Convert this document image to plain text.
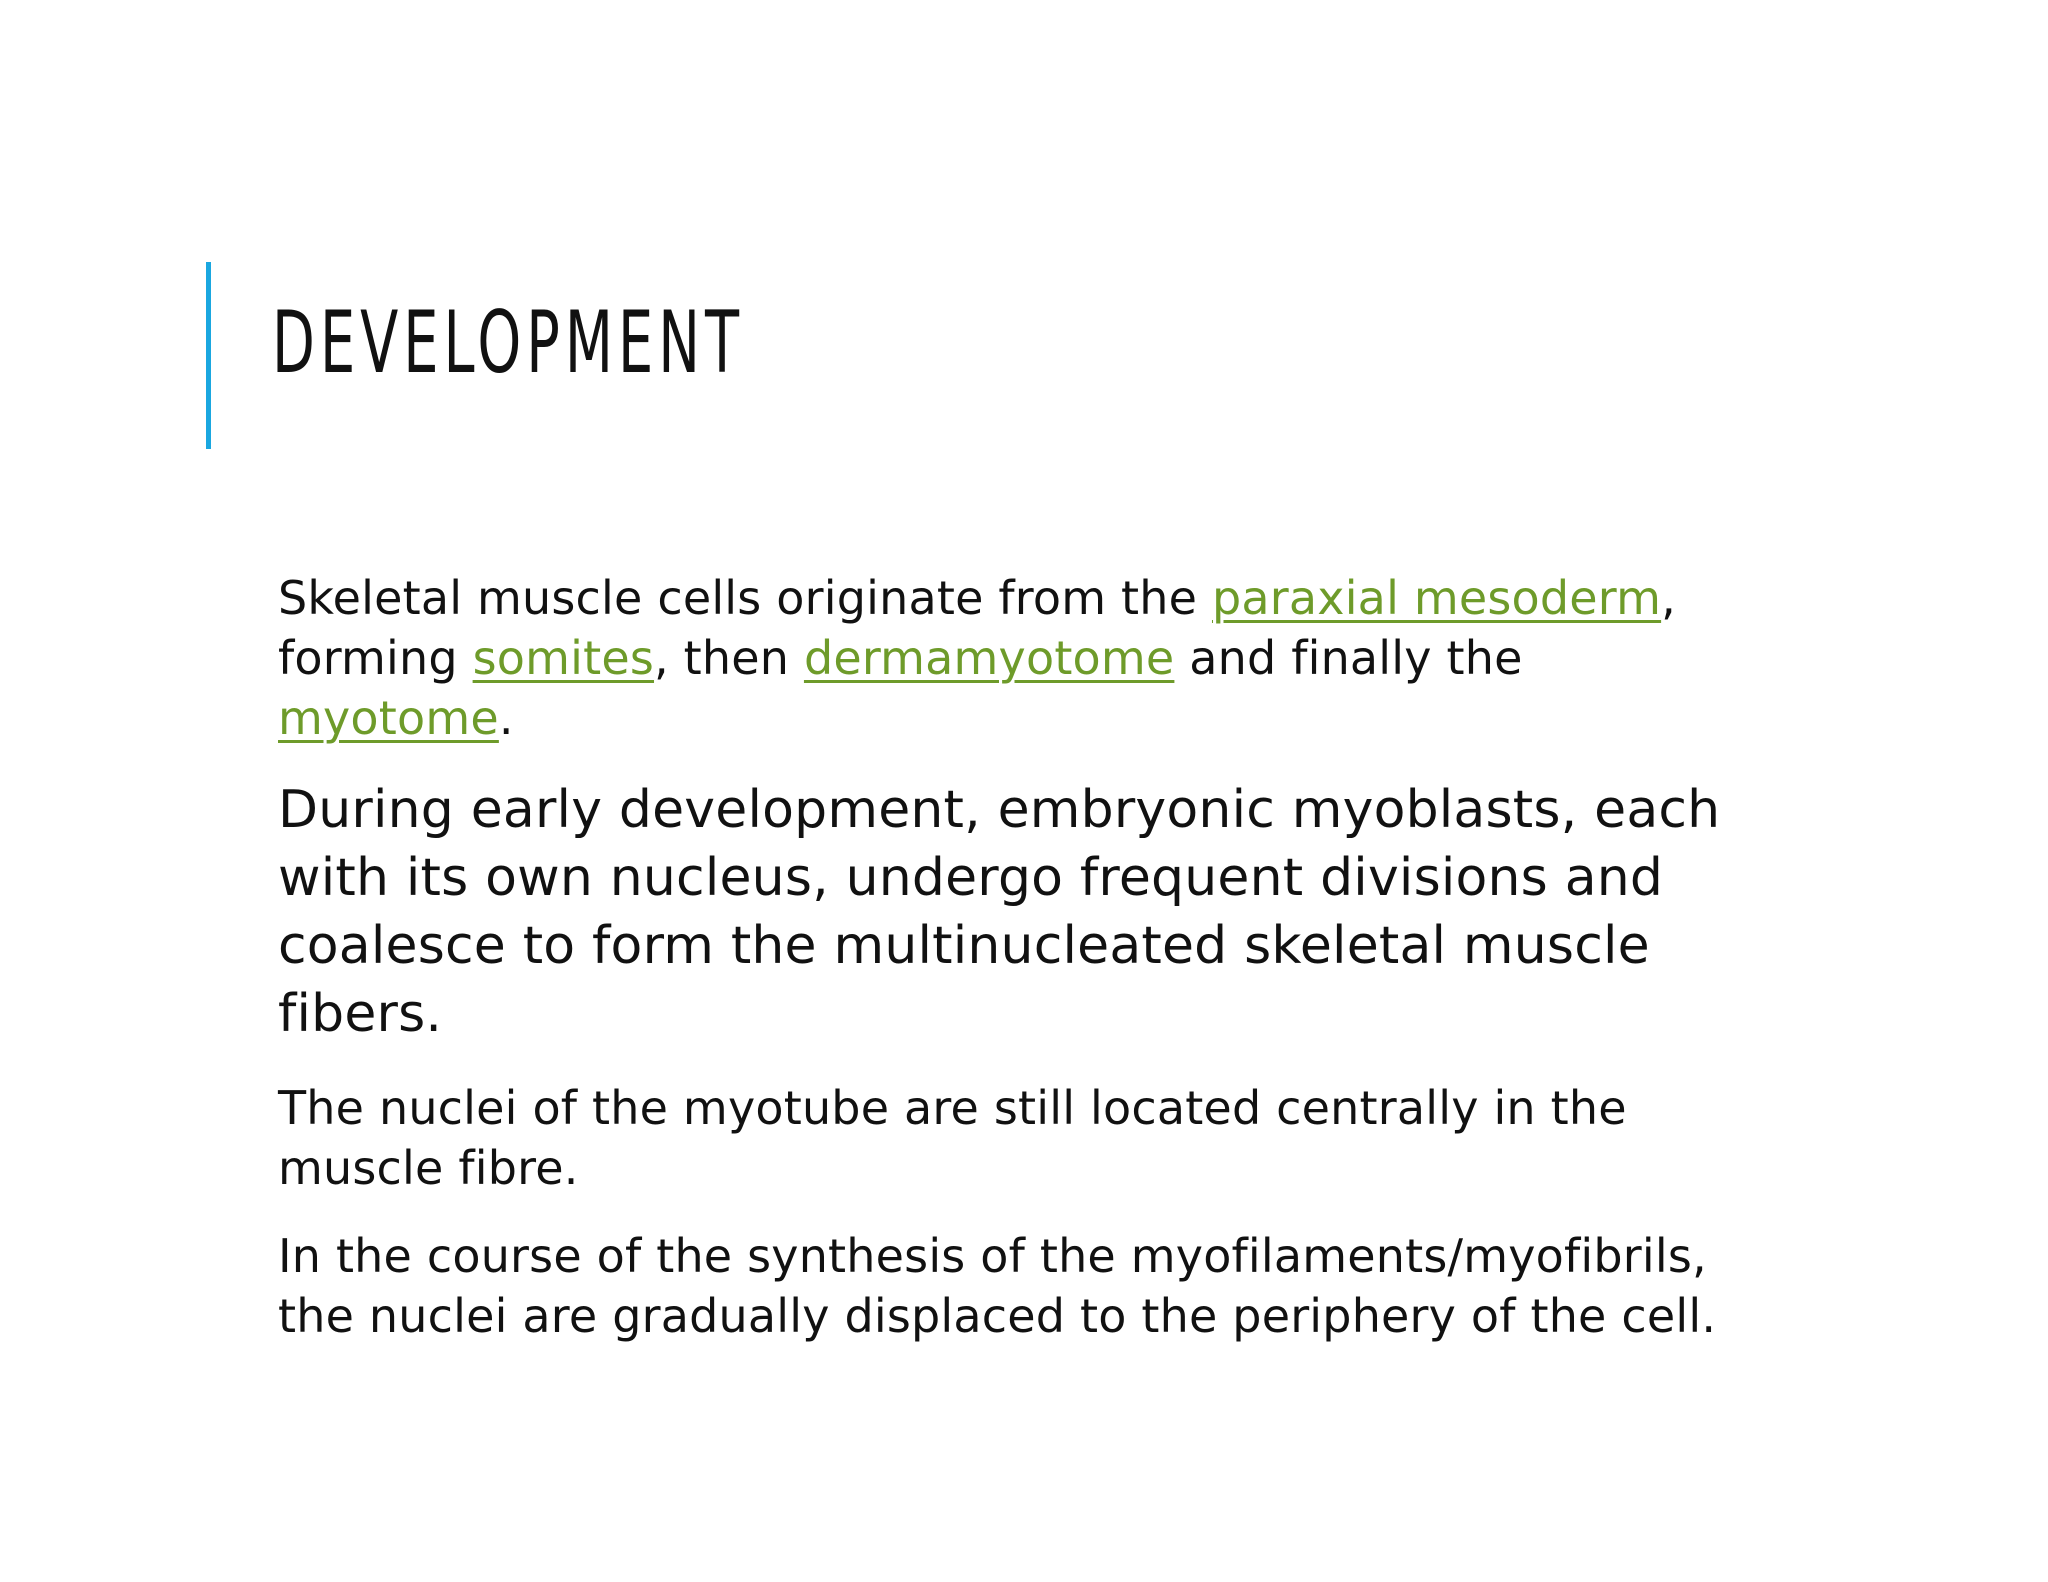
DEVELOPMENT

Skeletal muscle cells originate from the paraxial mesoderm,
forming somites, then dermamyotome and finally the myotome.

During early development, embryonic myoblasts, each with its own nucleus, undergo frequent divisions and coalesce to form the multinucleated skeletal muscle fibers.

The nuclei of the myotube are still located centrally in the muscle fibre.

In the course of the synthesis of the myofilaments/myofibrils, the nuclei are gradually displaced to the periphery of the cell.
